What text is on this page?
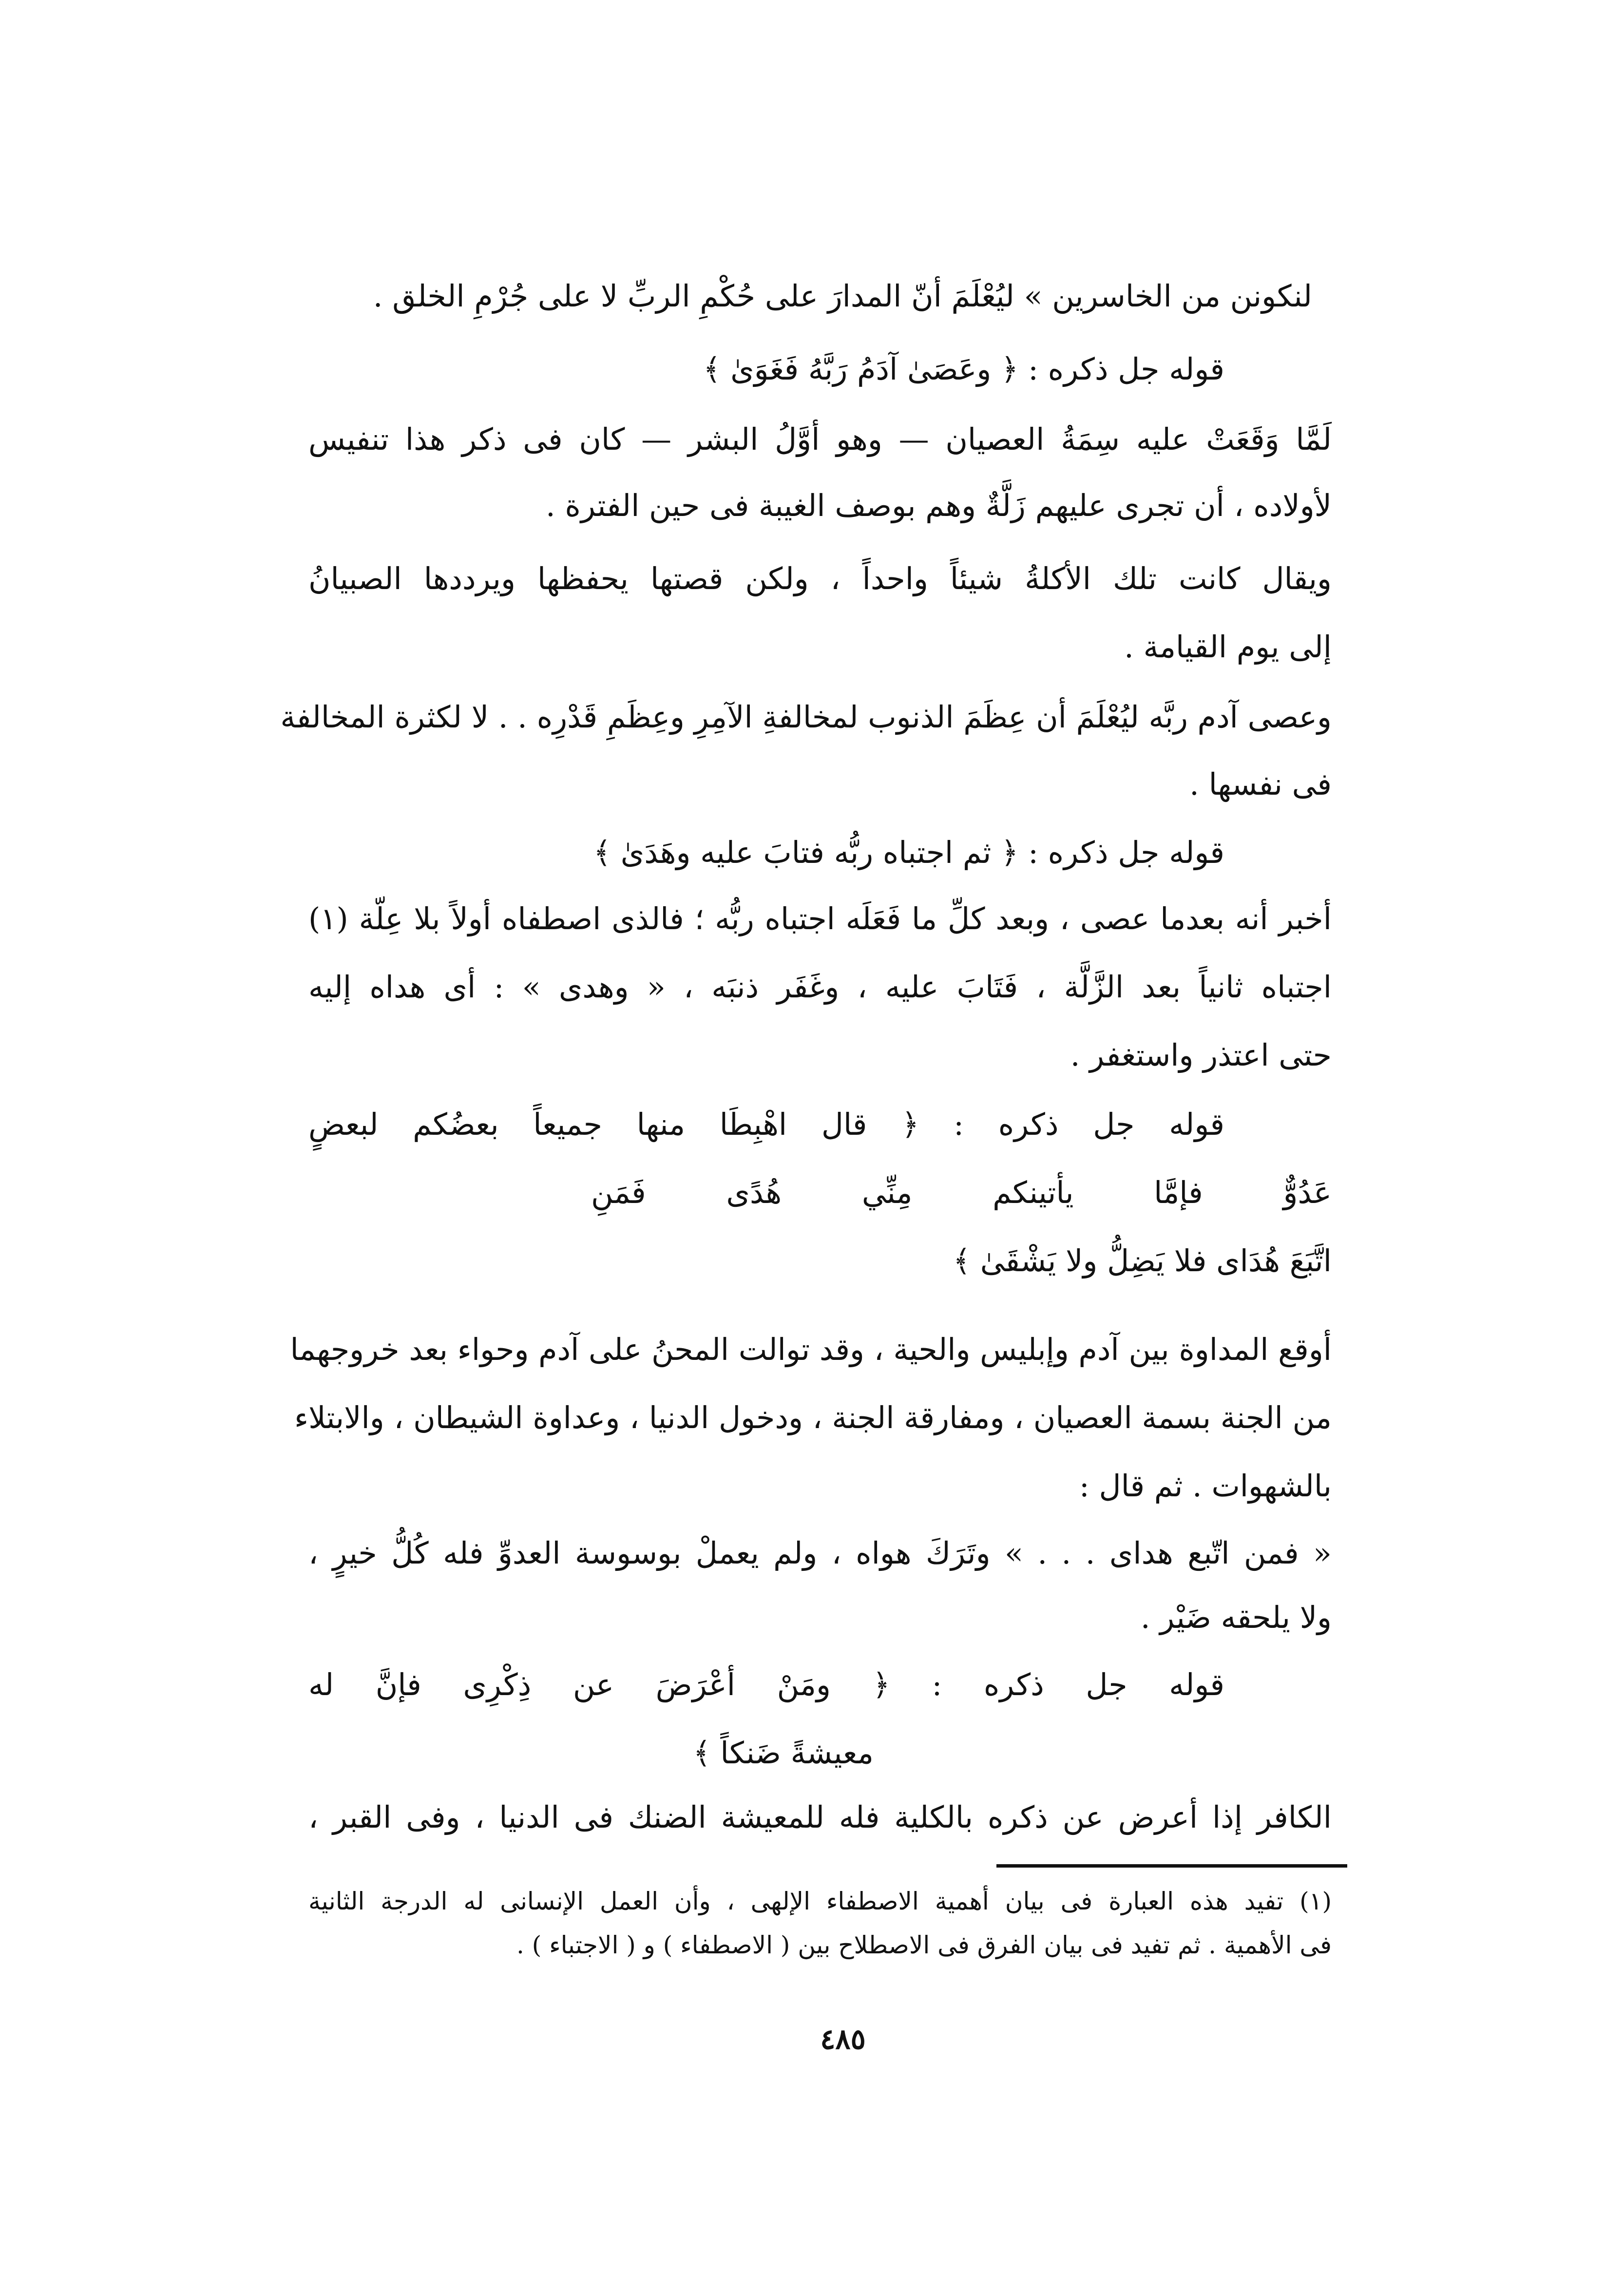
لنكونن من الخاسرين » ليُعْلَمَ أنّ المدارَ على حُكْمِ الربِّ لا على جُرْمِ الخلق .
قوله جل ذكره : ﴿ وعَصَىٰ آدَمُ رَبَّهُ فَغَوَىٰ ﴾
لَمَّا وَقَعَتْ عليه سِمَةُ العصيان — وهو أوَّلُ البشر — كان فى ذكر هذا تنفيس
لأولاده ، أن تجرى عليهم زَلَّةٌ وهم بوصف الغيبة فى حين الفترة .
ويقال كانت تلك الأكلةُ شيئاً واحداً ، ولكن قصتها يحفظها ويرددها الصبيانُ
إلى يوم القيامة .
وعصى آدم ربَّه ليُعْلَمَ أن عِظَمَ الذنوب لمخالفةِ الآمِرِ وعِظَمِ قَدْرِه . . لا لكثرة المخالفة
فى نفسها .
قوله جل ذكره : ﴿ ثم اجتباه ربُّه فتابَ عليه وهَدَىٰ ﴾
أخبر أنه بعدما عصى ، وبعد كلِّ ما فَعَلَه اجتباه ربُّه ؛ فالذى اصطفاه أولاً بلا عِلّة (١)
اجتباه ثانياً بعد الزَّلَّة ، فَتَابَ عليه ، وغَفَر ذنبَه ، « وهدى » : أى هداه إليه
حتى اعتذر واستغفر .
قوله جل ذكره : ﴿ قال اهْبِطَا منها جميعاً بعضُكم لبعضٍ
عَدُوٌّ فإمَّا يأتينكم مِنِّي هُدًى فَمَنِ
اتَّبَعَ هُدَاى فلا يَضِلُّ ولا يَشْقَىٰ ﴾
أوقع المداوة بين آدم وإبليس والحية ، وقد توالت المحنُ على آدم وحواء بعد خروجهما
من الجنة بسمة العصيان ، ومفارقة الجنة ، ودخول الدنيا ، وعداوة الشيطان ، والابتلاء
بالشهوات . ثم قال :
« فمن اتّبع هداى . . . » وتَرَكَ هواه ، ولم يعملْ بوسوسة العدوِّ فله كُلُّ خيرٍ ،
ولا يلحقه ضَيْر .
قوله جل ذكره : ﴿ ومَنْ أعْرَضَ عن ذِكْرِى فإنَّ له
معيشةً ضَنكاً ﴾
الكافر إذا أعرض عن ذكره بالكلية فله للمعيشة الضنك فى الدنيا ، وفى القبر ،
(١) تفيد هذه العبارة فى بيان أهمية الاصطفاء الإلهى ، وأن العمل الإنسانى له الدرجة الثانية
فى الأهمية . ثم تفيد فى بيان الفرق فى الاصطلاح بين ( الاصطفاء ) و ( الاجتباء ) .
٤٨٥
